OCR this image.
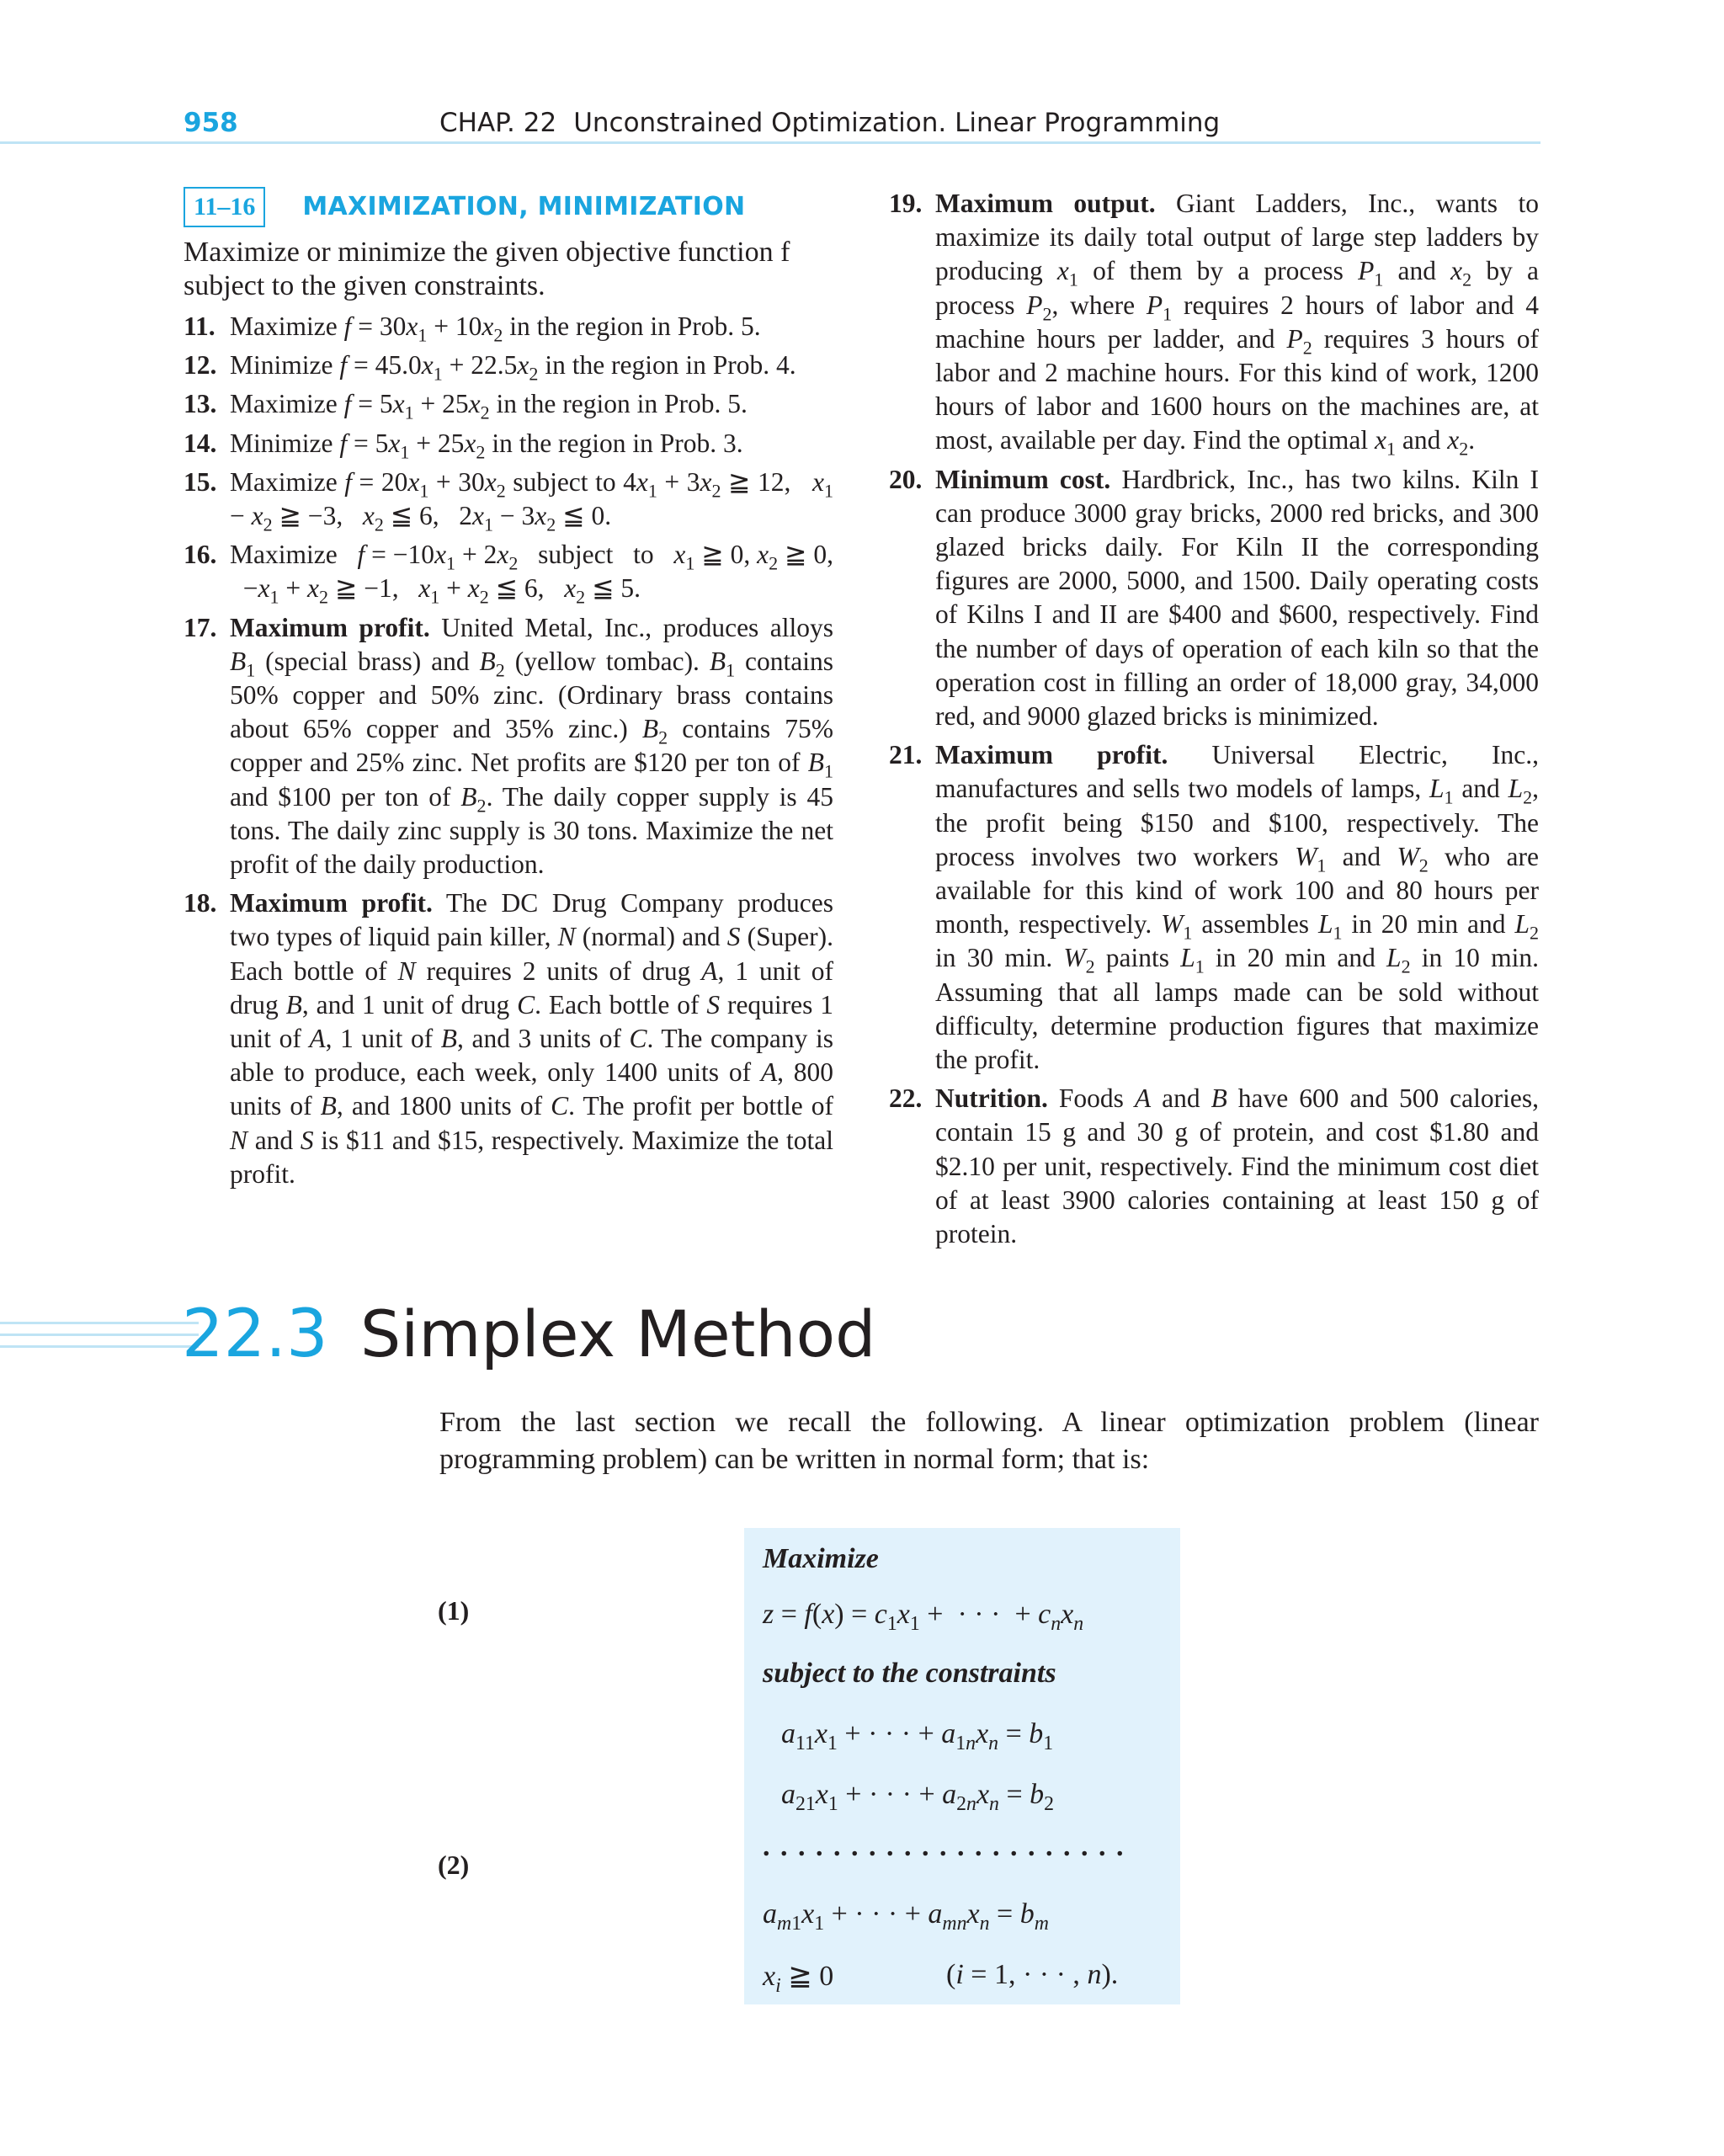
958	CHAP. 22 Unconstrained Optimization. Linear Programming
11–16	MAXIMIZATION, MINIMIZATION

Maximize or minimize the given objective function f subject to the given constraints.

11. Maximize $f = 30x_1 + 10x_2$ in the region in Prob. 5.
12. Minimize $f = 45.0x_1 + 22.5x_2$ in the region in Prob. 4.
13. Maximize $f = 5x_1 + 25x_2$ in the region in Prob. 5.
14. Minimize $f = 5x_1 + 25x_2$ in the region in Prob. 3.
15. Maximize $f = 20x_1 + 30x_2$ subject to $4x_1 + 3x_2$ ≧ 12,   $x_1 - x_2$ ≧ −3,   $x_2$ ≦ 6,   $2x_1 - 3x_2$ ≦ 0.
16. Maximize   $f = -10x_1 + 2x_2$   subject   to   $x_1$ ≧ 0, $x_2$ ≧ 0,   $-x_1 + x_2$ ≧ −1,   $x_1 + x_2$ ≦ 6,   $x_2$ ≦ 5.
17. Maximum profit. United Metal, Inc., produces alloys $B_1$ (special brass) and $B_2$ (yellow tombac). $B_1$ contains 50% copper and 50% zinc. (Ordinary brass contains about 65% copper and 35% zinc.) $B_2$ contains 75% copper and 25% zinc. Net profits are $120 per ton of $B_1$ and $100 per ton of $B_2$. The daily copper supply is 45 tons. The daily zinc supply is 30 tons. Maximize the net profit of the daily production.
18. Maximum profit. The DC Drug Company produces two types of liquid pain killer, N (normal) and S (Super). Each bottle of N requires 2 units of drug A, 1 unit of drug B, and 1 unit of drug C. Each bottle of S requires 1 unit of A, 1 unit of B, and 3 units of C. The company is able to produce, each week, only 1400 units of A, 800 units of B, and 1800 units of C. The profit per bottle of N and S is $11 and $15, respectively. Maximize the total profit.
19. Maximum output. Giant Ladders, Inc., wants to maximize its daily total output of large step ladders by producing $x_1$ of them by a process $P_1$ and $x_2$ by a process $P_2$, where $P_1$ requires 2 hours of labor and 4 machine hours per ladder, and $P_2$ requires 3 hours of labor and 2 machine hours. For this kind of work, 1200 hours of labor and 1600 hours on the machines are, at most, available per day. Find the optimal $x_1$ and $x_2$.
20. Minimum cost. Hardbrick, Inc., has two kilns. Kiln I can produce 3000 gray bricks, 2000 red bricks, and 300 glazed bricks daily. For Kiln II the corresponding figures are 2000, 5000, and 1500. Daily operating costs of Kilns I and II are $400 and $600, respectively. Find the number of days of operation of each kiln so that the operation cost in filling an order of 18,000 gray, 34,000 red, and 9000 glazed bricks is minimized.
21. Maximum profit. Universal Electric, Inc., manufactures and sells two models of lamps, $L_1$ and $L_2$, the profit being $150 and $100, respectively. The process involves two workers $W_1$ and $W_2$ who are available for this kind of work 100 and 80 hours per month, respectively. $W_1$ assembles $L_1$ in 20 min and $L_2$ in 30 min. $W_2$ paints $L_1$ in 20 min and $L_2$ in 10 min. Assuming that all lamps made can be sold without difficulty, determine production figures that maximize the profit.
22. Nutrition. Foods A and B have 600 and 500 calories, contain 15 g and 30 g of protein, and cost $1.80 and $2.10 per unit, respectively. Find the minimum cost diet of at least 3900 calories containing at least 150 g of protein.
22.3 Simplex Method

From the last section we recall the following. A linear optimization problem (linear programming problem) can be written in normal form; that is:

Maximize
$z = f(x) = c_1x_1$ +  · · ·  + $c_nx_n$
subject to the constraints
$a_{11}x_1$ + · · · + $a_{1n}x_n = b_1$
$a_{21}x_1$ + · · · + $a_{2n}x_n = b_2$
. . . . . . . . . . . . . . . . . . . . .
$a_{m1}x_1$ + · · · + $a_{mn}x_n = b_m$
$x_i$ ≧ 0	(i = 1, · · · , n).
(1)
(2)
